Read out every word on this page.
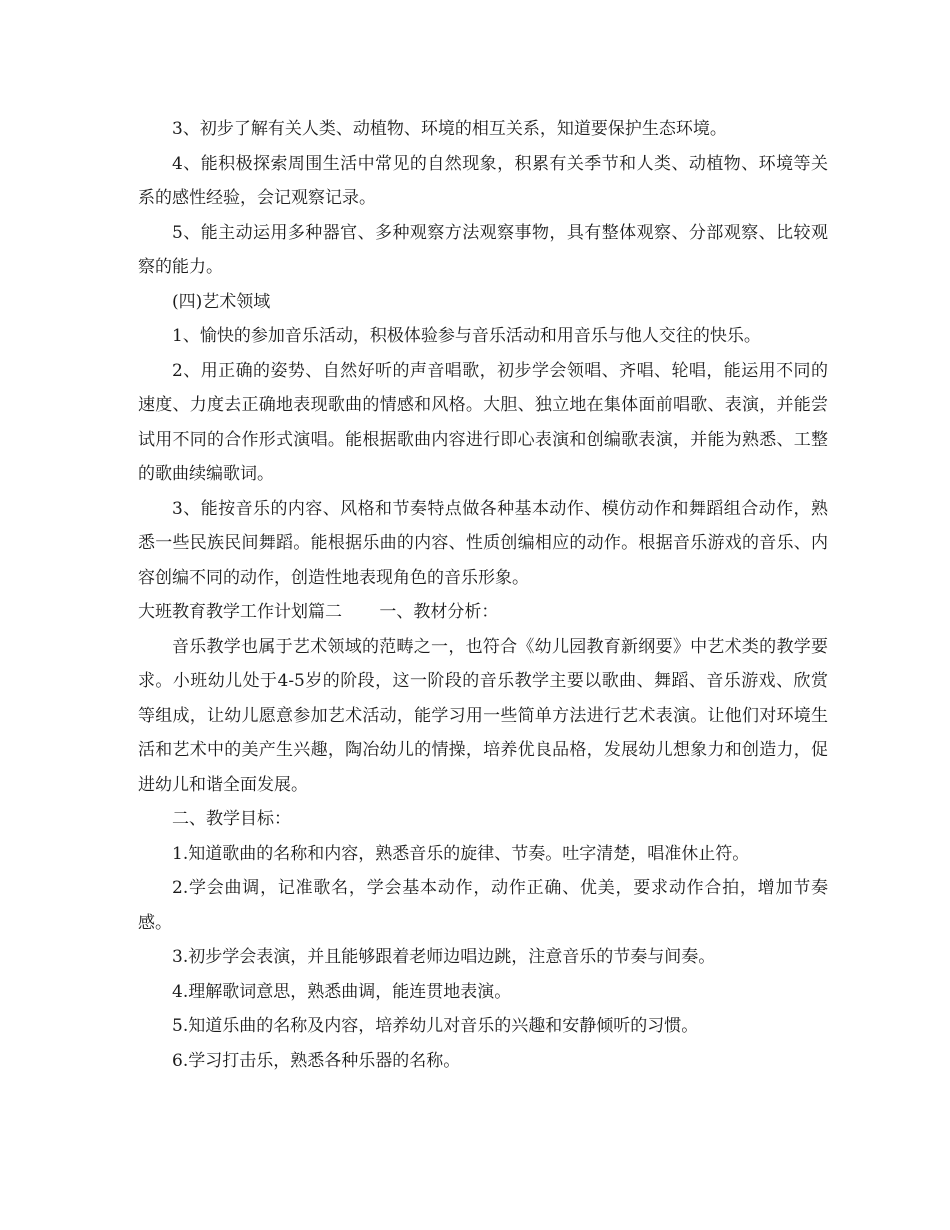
3、初步了解有关人类、动植物、环境的相互关系，知道要保护生态环境。

4、能积极探索周围生活中常见的自然现象，积累有关季节和人类、动植物、环境等关系的感性经验，会记观察记录。

5、能主动运用多种器官、多种观察方法观察事物，具有整体观察、分部观察、比较观察的能力。

(四)艺术领域

1、愉快的参加音乐活动，积极体验参与音乐活动和用音乐与他人交往的快乐。

2、用正确的姿势、自然好听的声音唱歌，初步学会领唱、齐唱、轮唱，能运用不同的速度、力度去正确地表现歌曲的情感和风格。大胆、独立地在集体面前唱歌、表演，并能尝试用不同的合作形式演唱。能根据歌曲内容进行即心表演和创编歌表演，并能为熟悉、工整的歌曲续编歌词。

3、能按音乐的内容、风格和节奏特点做各种基本动作、模仿动作和舞蹈组合动作，熟悉一些民族民间舞蹈。能根据乐曲的内容、性质创编相应的动作。根据音乐游戏的音乐、内容创编不同的动作，创造性地表现角色的音乐形象。

大班教育教学工作计划篇二 一、教材分析：

音乐教学也属于艺术领域的范畴之一，也符合《幼儿园教育新纲要》中艺术类的教学要求。小班幼儿处于4-5岁的阶段，这一阶段的音乐教学主要以歌曲、舞蹈、音乐游戏、欣赏等组成，让幼儿愿意参加艺术活动，能学习用一些简单方法进行艺术表演。让他们对环境生活和艺术中的美产生兴趣，陶冶幼儿的情操，培养优良品格，发展幼儿想象力和创造力，促进幼儿和谐全面发展。

二、教学目标：

1.知道歌曲的名称和内容，熟悉音乐的旋律、节奏。吐字清楚，唱准休止符。

2.学会曲调，记准歌名，学会基本动作，动作正确、优美，要求动作合拍，增加节奏感。

3.初步学会表演，并且能够跟着老师边唱边跳，注意音乐的节奏与间奏。

4.理解歌词意思，熟悉曲调，能连贯地表演。

5.知道乐曲的名称及内容，培养幼儿对音乐的兴趣和安静倾听的习惯。

6.学习打击乐，熟悉各种乐器的名称。
